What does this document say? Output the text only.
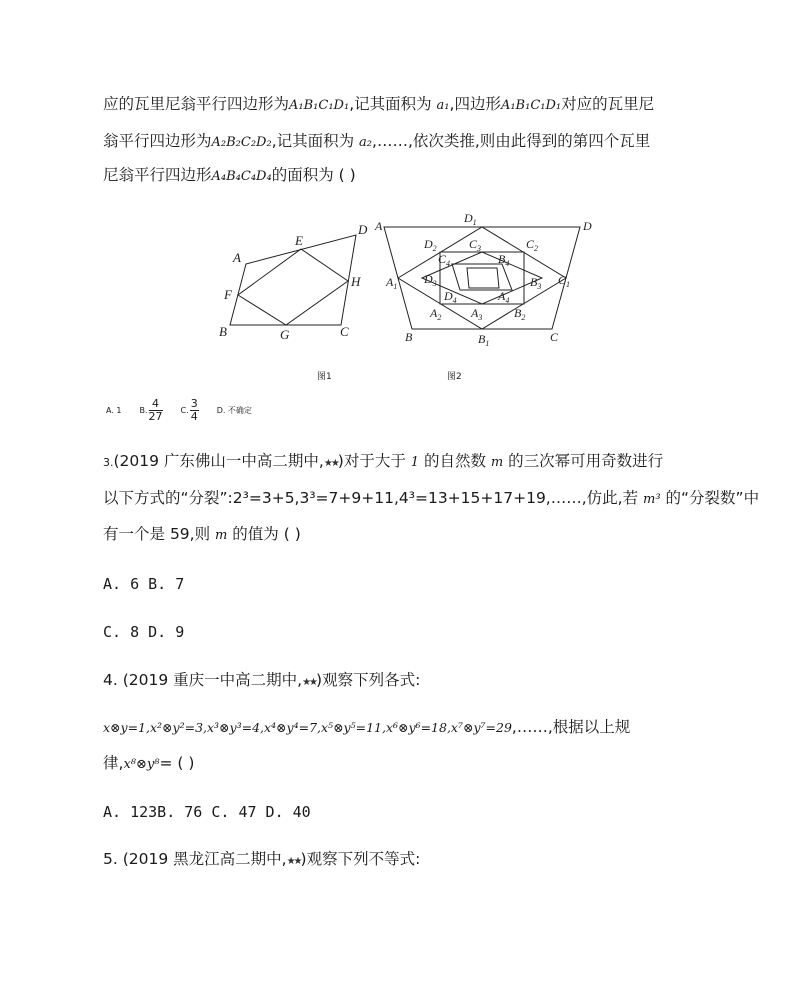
应的瓦里尼翁平行四边形为A₁B₁C₁D₁,记其面积为 a₁,四边形A₁B₁C₁D₁对应的瓦里尼
翁平行四边形为A₂B₂C₂D₂,记其面积为 a₂,……,依次类推,则由此得到的第四个瓦里
尼翁平行四边形A₄B₄C₄D₄的面积为 ( )
A
D
E
F
H
B	G	C
A	D
B	C
$D_1$
$A_1$	$C_1$
$B_1$
$D_2$	$C_2$
$A_2$	$B_2$
$C_3$
$D_3$	$B_3$
$A_3$
$C_4$	$B_4$
$D_4$	$A_4$
图1	图2
A. 1 B. $\frac{4}{27} C$. $\frac{3}{4} D$. 不确定
3.(2019 广东佛山一中高二期中,★★)对于大于 1 的自然数 m 的三次幂可用奇数进行
以下方式的“分裂”:2³=3+5,3³=7+9+11,4³=13+15+17+19,……,仿此,若 m³ 的“分裂数”中
有一个是 59,则 m 的值为 ( )
A. 6 B. 7
C. 8 D. 9
4. (2019 重庆一中高二期中,★★)观察下列各式:
x⊗y=1,x²⊗y²=3,x³⊗y³=4,x⁴⊗y⁴=7,x⁵⊗y⁵=11,x⁶⊗y⁶=18,x⁷⊗y⁷=29,……,根据以上规
律,x⁸⊗y⁸= ( )
A. 123B. 76 C. 47 D. 40
5. (2019 黑龙江高二期中,★★)观察下列不等式:
